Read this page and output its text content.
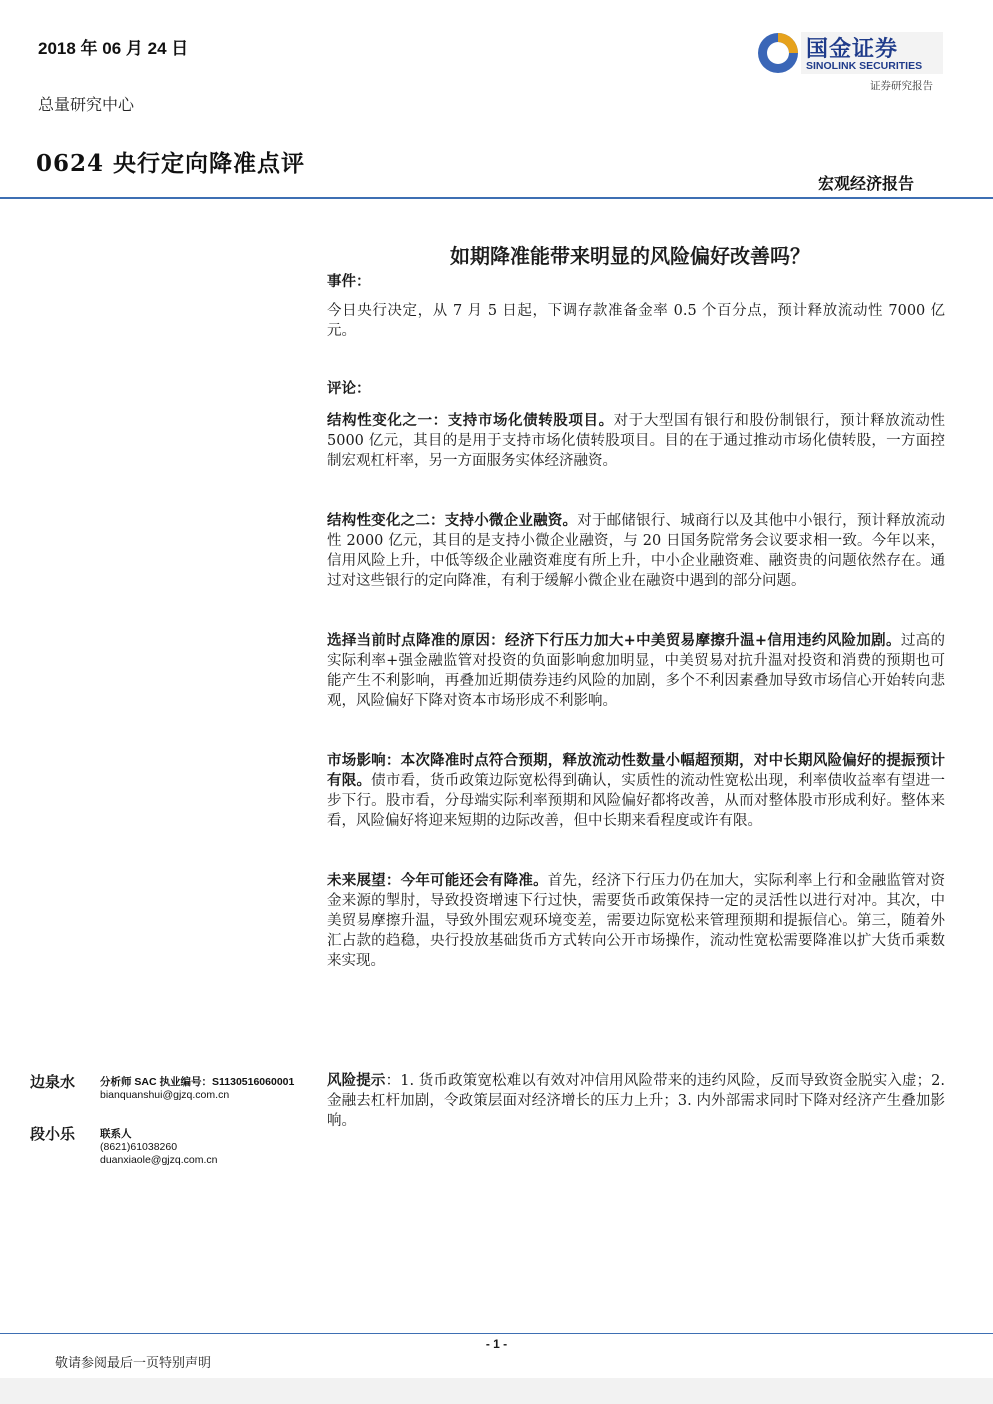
2018 年 06 月 24 日
总量研究中心
0624 央行定向降准点评
国金证券
SINOLINK SECURITIES
证券研究报告
宏观经济报告
如期降准能带来明显的风险偏好改善吗？

事件：

今日央行决定，从 7 月 5 日起，下调存款准备金率 0.5 个百分点，预计释放流动性 7000 亿元。

评论：

结构性变化之一：支持市场化债转股项目。对于大型国有银行和股份制银行，预计释放流动性 5000 亿元，其目的是用于支持市场化债转股项目。目的在于通过推动市场化债转股，一方面控制宏观杠杆率，另一方面服务实体经济融资。

结构性变化之二：支持小微企业融资。对于邮储银行、城商行以及其他中小银行，预计释放流动性 2000 亿元，其目的是支持小微企业融资，与 20 日国务院常务会议要求相一致。今年以来，信用风险上升，中低等级企业融资难度有所上升，中小企业融资难、融资贵的问题依然存在。通过对这些银行的定向降准，有利于缓解小微企业在融资中遇到的部分问题。

选择当前时点降准的原因：经济下行压力加大+中美贸易摩擦升温+信用违约风险加剧。过高的实际利率+强金融监管对投资的负面影响愈加明显，中美贸易对抗升温对投资和消费的预期也可能产生不利影响，再叠加近期债券违约风险的加剧，多个不利因素叠加导致市场信心开始转向悲观，风险偏好下降对资本市场形成不利影响。

市场影响：本次降准时点符合预期，释放流动性数量小幅超预期，对中长期风险偏好的提振预计有限。债市看，货币政策边际宽松得到确认，实质性的流动性宽松出现，利率债收益率有望进一步下行。股市看，分母端实际利率预期和风险偏好都将改善，从而对整体股市形成利好。整体来看，风险偏好将迎来短期的边际改善，但中长期来看程度或许有限。

未来展望：今年可能还会有降准。首先，经济下行压力仍在加大，实际利率上行和金融监管对资金来源的掣肘，导致投资增速下行过快，需要货币政策保持一定的灵活性以进行对冲。其次，中美贸易摩擦升温，导致外围宏观环境变差，需要边际宽松来管理预期和提振信心。第三，随着外汇占款的趋稳，央行投放基础货币方式转向公开市场操作，流动性宽松需要降准以扩大货币乘数来实现。

风险提示：1. 货币政策宽松难以有效对冲信用风险带来的违约风险，反而导致资金脱实入虚；2. 金融去杠杆加剧，令政策层面对经济增长的压力上升；3. 内外部需求同时下降对经济产生叠加影响。

边泉水 分析师 SAC 执业编号：S1130516060001
bianquanshui@gjzq.com.cn
段小乐 联系人
(8621)61038260
duanxiaole@gjzq.com.cn
- 1 -
敬请参阅最后一页特别声明
